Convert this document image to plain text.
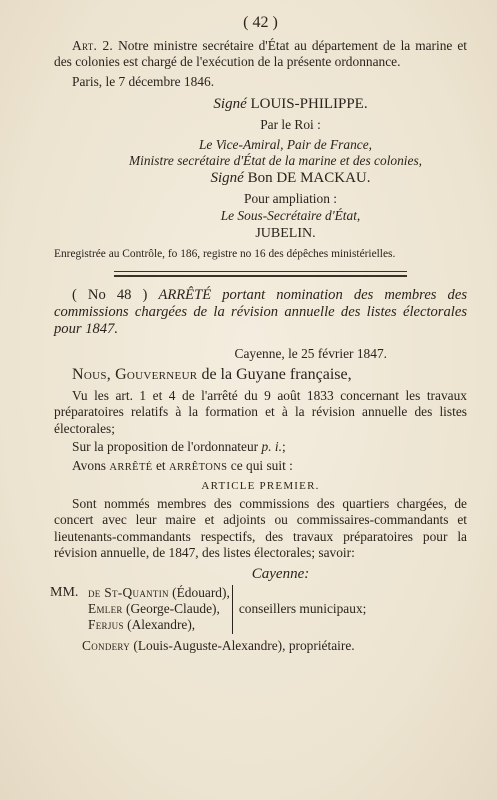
( 42 )

Art. 2. Notre ministre secrétaire d'État au département de la marine et des colonies est chargé de l'exécution de la présente ordonnance.

Paris, le 7 décembre 1846.

Signé LOUIS-PHILIPPE.

Par le Roi :

Le Vice-Amiral, Pair de France,

Ministre secrétaire d'État de la marine et des colonies,

Signé Bon DE MACKAU.

Pour ampliation :

Le Sous-Secrétaire d'État,

JUBELIN.

Enregistrée au Contrôle, fo 186, registre no 16 des dépêches ministérielles.

( No 48 ) ARRÊTÉ portant nomination des membres des commissions chargées de la révision annuelle des listes électorales pour 1847.

Cayenne, le 25 février 1847.

Nous, Gouverneur de la Guyane française,

Vu les art. 1 et 4 de l'arrêté du 9 août 1833 concernant les travaux préparatoires relatifs à la formation et à la révision annuelle des listes électorales;

Sur la proposition de l'ordonnateur p. i.;

Avons ARRÊTÉ et ARRÊTONS ce qui suit :

ARTICLE PREMIER.

Sont nommés membres des commissions des quartiers chargées, de concert avec leur maire et adjoints ou commissaires-commandants et lieutenants-commandants respectifs, des travaux préparatoires pour la révision annuelle, de 1847, des listes électorales; savoir:

Cayenne:
MM.	de St-Quantin (Édouard),	conseillers municipaux;
	Emler (George-Claude),	
	Ferjus (Alexandre),	

Condery (Louis-Auguste-Alexandre), propriétaire.
